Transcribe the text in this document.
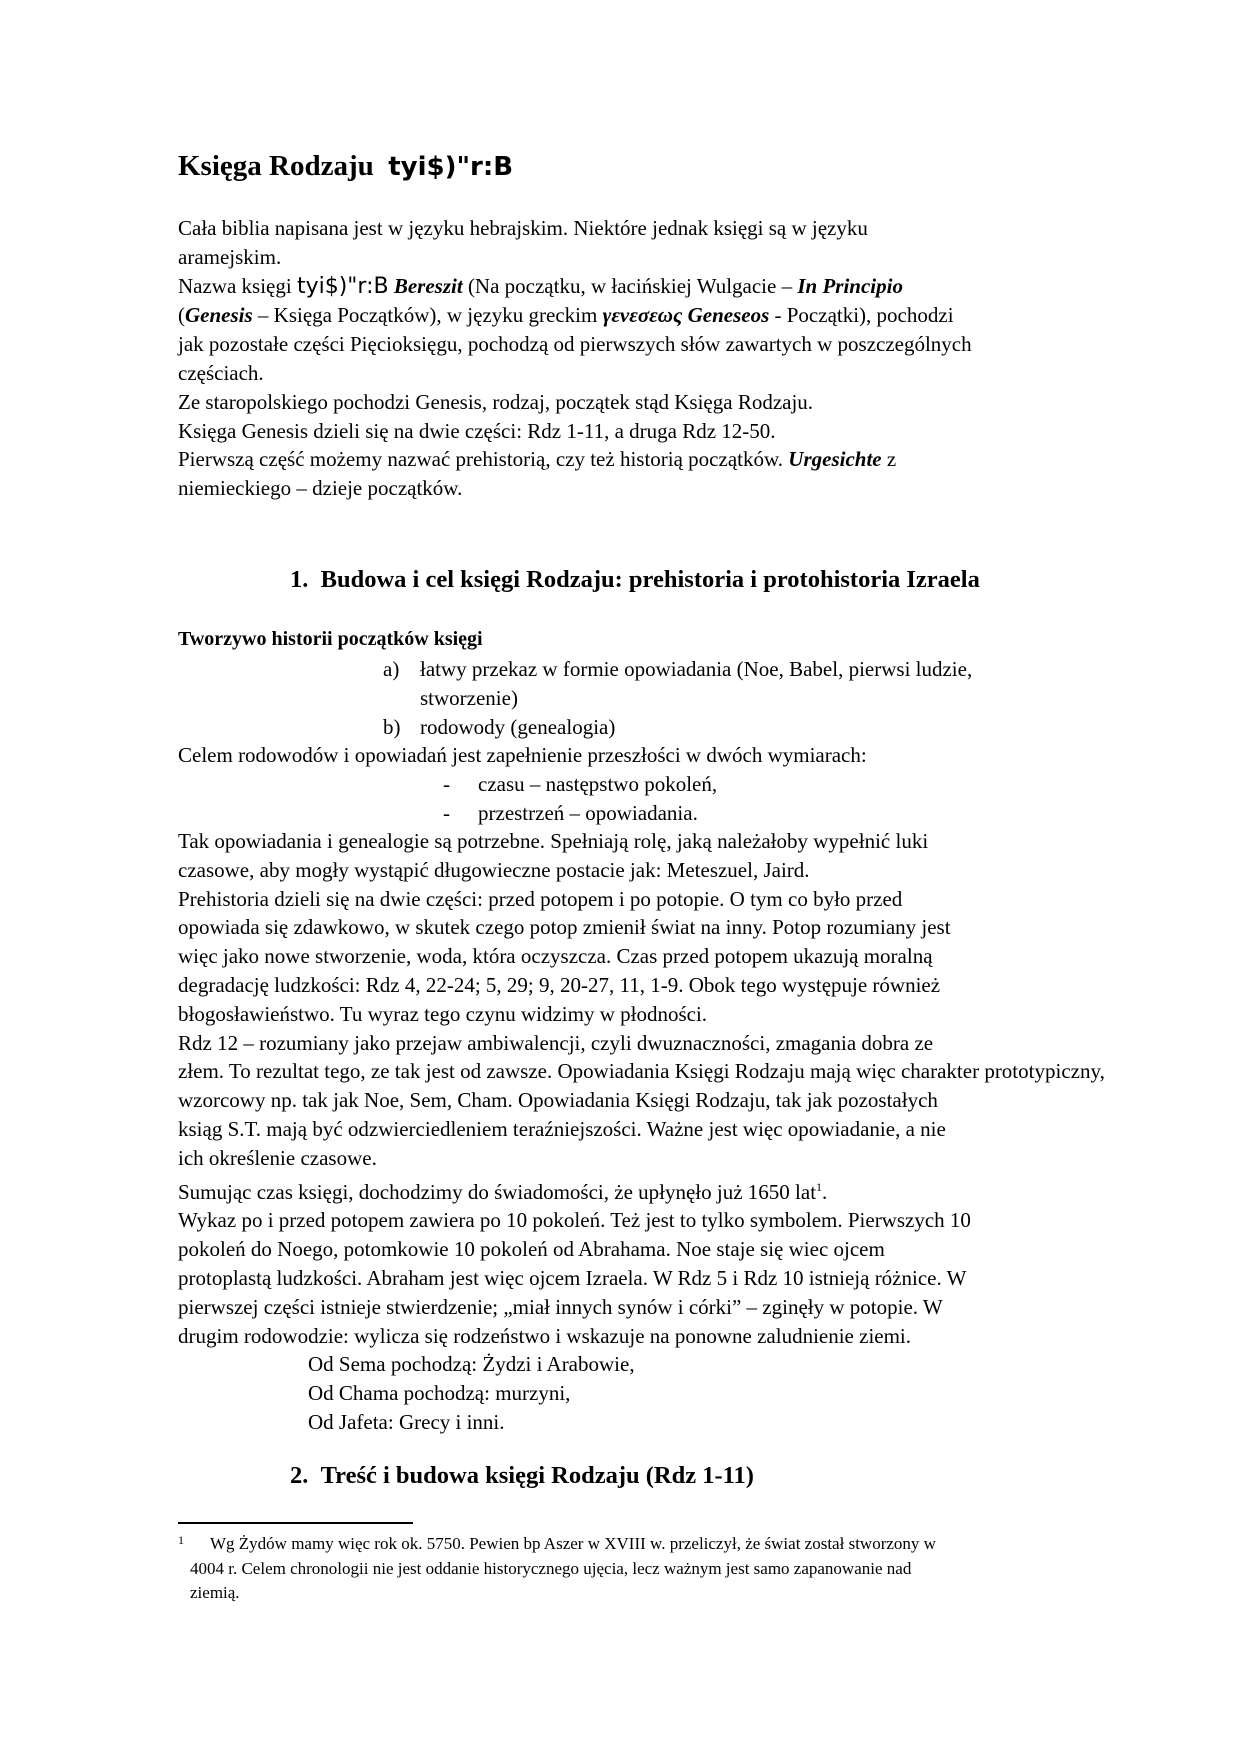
Księga Rodzaju tyi$)"r:B
Cała biblia napisana jest w języku hebrajskim. Niektóre jednak księgi są w języku
aramejskim.
Nazwa księgi tyi$)"r:B Bereszit (Na początku, w łacińskiej Wulgacie – In Principio
(Genesis – Księga Początków), w języku greckim γενεσεως Geneseos - Początki), pochodzi
jak pozostałe części Pięcioksięgu, pochodzą od pierwszych słów zawartych w poszczególnych
częściach.
Ze staropolskiego pochodzi Genesis, rodzaj, początek stąd Księga Rodzaju.
Księga Genesis dzieli się na dwie części: Rdz 1-11, a druga Rdz 12-50.
Pierwszą część możemy nazwać prehistorią, czy też historią początków. Urgesichte z
niemieckiego – dzieje początków.
1. Budowa i cel księgi Rodzaju: prehistoria i protohistoria Izraela
Tworzywo historii początków księgi
a) łatwy przekaz w formie opowiadania (Noe, Babel, pierwsi ludzie,
stworzenie)
b) rodowody (genealogia)
Celem rodowodów i opowiadań jest zapełnienie przeszłości w dwóch wymiarach:
- czasu – następstwo pokoleń,
- przestrzeń – opowiadania.
Tak opowiadania i genealogie są potrzebne. Spełniają rolę, jaką należałoby wypełnić luki
czasowe, aby mogły wystąpić długowieczne postacie jak: Meteszuel, Jaird.
Prehistoria dzieli się na dwie części: przed potopem i po potopie. O tym co było przed
opowiada się zdawkowo, w skutek czego potop zmienił świat na inny. Potop rozumiany jest
więc jako nowe stworzenie, woda, która oczyszcza. Czas przed potopem ukazują moralną
degradację ludzkości: Rdz 4, 22-24; 5, 29; 9, 20-27, 11, 1-9. Obok tego występuje również
błogosławieństwo. Tu wyraz tego czynu widzimy w płodności.
Rdz 12 – rozumiany jako przejaw ambiwalencji, czyli dwuznaczności, zmagania dobra ze
złem. To rezultat tego, ze tak jest od zawsze. Opowiadania Księgi Rodzaju mają więc charakter prototypiczny,
wzorcowy np. tak jak Noe, Sem, Cham. Opowiadania Księgi Rodzaju, tak jak pozostałych
ksiąg S.T. mają być odzwierciedleniem teraźniejszości. Ważne jest więc opowiadanie, a nie
ich określenie czasowe.
Sumując czas księgi, dochodzimy do świadomości, że upłynęło już 1650 lat$^1$.
Wykaz po i przed potopem zawiera po 10 pokoleń. Też jest to tylko symbolem. Pierwszych 10
pokoleń do Noego, potomkowie 10 pokoleń od Abrahama. Noe staje się wiec ojcem
protoplastą ludzkości. Abraham jest więc ojcem Izraela. W Rdz 5 i Rdz 10 istnieją różnice. W
pierwszej części istnieje stwierdzenie; „miał innych synów i córki” – zginęły w potopie. W
drugim rodowodzie: wylicza się rodzeństwo i wskazuje na ponowne zaludnienie ziemi.
Od Sema pochodzą: Żydzi i Arabowie,
Od Chama pochodzą: murzyni,
Od Jafeta: Grecy i inni.
2. Treść i budowa księgi Rodzaju (Rdz 1-11)
1 Wg Żydów mamy więc rok ok. 5750. Pewien bp Aszer w XVIII w. przeliczył, że świat został stworzony w
4004 r. Celem chronologii nie jest oddanie historycznego ujęcia, lecz ważnym jest samo zapanowanie nad
ziemią.
